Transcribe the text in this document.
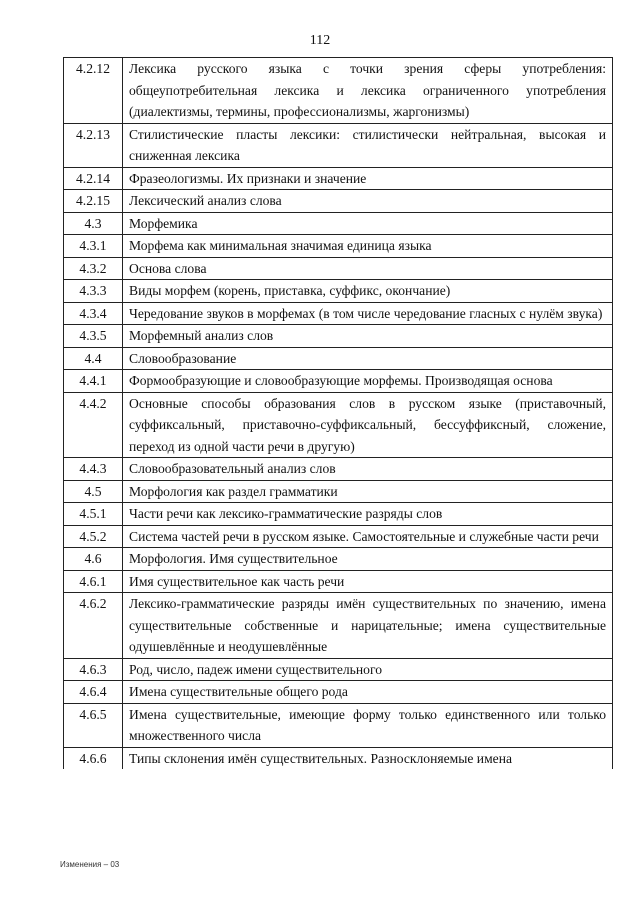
112
4.2.12	Лексика русского языка с точки зрения сферы употребления: общеупотребительная лексика и лексика ограниченного употребления (диалектизмы, термины, профессионализмы, жаргонизмы)
4.2.13	Стилистические пласты лексики: стилистически нейтральная, высокая и сниженная лексика
4.2.14	Фразеологизмы. Их признаки и значение
4.2.15	Лексический анализ слова
4.3	Морфемика
4.3.1	Морфема как минимальная значимая единица языка
4.3.2	Основа слова
4.3.3	Виды морфем (корень, приставка, суффикс, окончание)
4.3.4	Чередование звуков в морфемах (в том числе чередование гласных с нулём звука)
4.3.5	Морфемный анализ слов
4.4	Словообразование
4.4.1	Формообразующие и словообразующие морфемы. Производящая основа
4.4.2	Основные способы образования слов в русском языке (приставочный, суффиксальный, приставочно-суффиксальный, бессуффиксный, сложение, переход из одной части речи в другую)
4.4.3	Словообразовательный анализ слов
4.5	Морфология как раздел грамматики
4.5.1	Части речи как лексико-грамматические разряды слов
4.5.2	Система частей речи в русском языке. Самостоятельные и служебные части речи
4.6	Морфология. Имя существительное
4.6.1	Имя существительное как часть речи
4.6.2	Лексико-грамматические разряды имён существительных по значению, имена существительные собственные и нарицательные; имена существительные одушевлённые и неодушевлённые
4.6.3	Род, число, падеж имени существительного
4.6.4	Имена существительные общего рода
4.6.5	Имена существительные, имеющие форму только единственного или только множественного числа
4.6.6	Типы склонения имён существительных. Разносклоняемые имена
Изменения – 03
